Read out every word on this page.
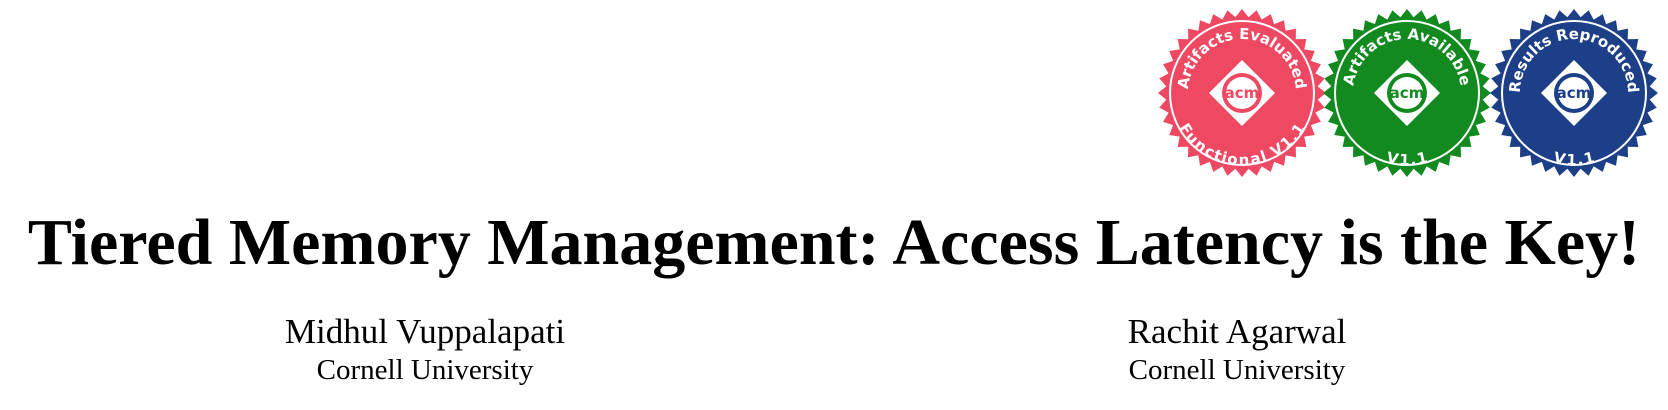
Artifacts Evaluated
Functional V1.1
acm
Artifacts Available
V1.1
acm	Results Reproduced
V1.1
acm
Tiered Memory Management: Access Latency is the Key!
Midhul Vuppalapati
Cornell University
Rachit Agarwal
Cornell University
